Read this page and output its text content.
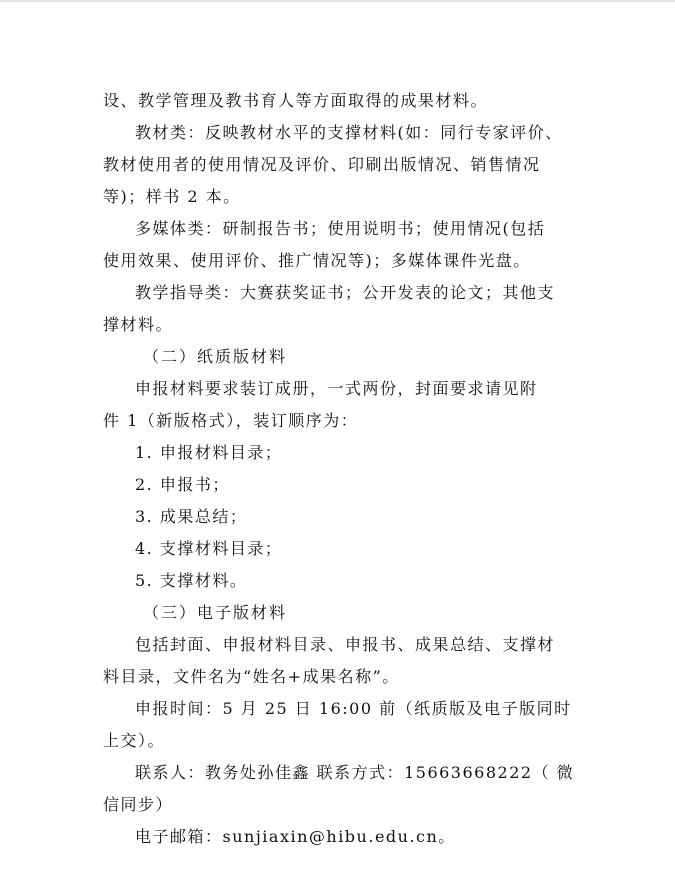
设、教学管理及教书育人等方面取得的成果材料。
教材类：反映教材水平的支撑材料(如：同行专家评价、
教材使用者的使用情况及评价、印刷出版情况、销售情况
等)；样书 2 本。
多媒体类：研制报告书；使用说明书；使用情况(包括
使用效果、使用评价、推广情况等)；多媒体课件光盘。
教学指导类：大赛获奖证书；公开发表的论文；其他支
撑材料。
（二）纸质版材料
申报材料要求装订成册，一式两份，封面要求请见附
件 1（新版格式），装订顺序为：
1. 申报材料目录；
2. 申报书；
3. 成果总结；
4. 支撑材料目录；
5. 支撑材料。
（三）电子版材料
包括封面、申报材料目录、申报书、成果总结、支撑材
料目录，文件名为“姓名+成果名称”。
申报时间：5 月 25 日 16:00 前（纸质版及电子版同时
上交）。
联系人：教务处孙佳鑫 联系方式：15663668222（ 微
信同步）
电子邮箱：sunjiaxin@hibu.edu.cn。
